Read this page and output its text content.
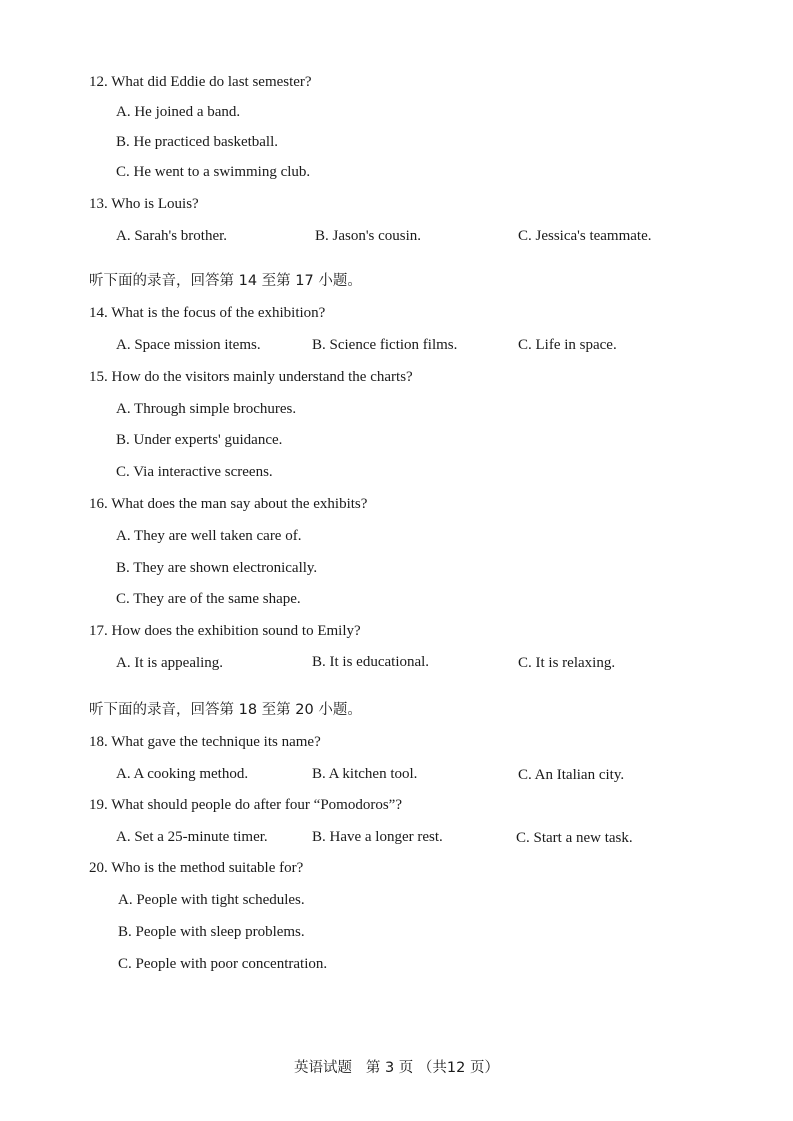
12. What did Eddie do last semester?
A. He joined a band.
B. He practiced basketball.
C. He went to a swimming club.
13. Who is Louis?
A. Sarah's brother.	B. Jason's cousin.	C. Jessica's teammate.
听下面的录音，回答第 14 至第 17 小题。
14. What is the focus of the exhibition?
A. Space mission items.	B. Science fiction films.	C. Life in space.
15. How do the visitors mainly understand the charts?
A. Through simple brochures.
B. Under experts' guidance.
C. Via interactive screens.
16. What does the man say about the exhibits?
A. They are well taken care of.
B. They are shown electronically.
C. They are of the same shape.
17. How does the exhibition sound to Emily?
A. It is appealing.	B. It is educational.	C. It is relaxing.
听下面的录音，回答第 18 至第 20 小题。
18. What gave the technique its name?
A. A cooking method.	B. A kitchen tool.	C. An Italian city.
19. What should people do after four “Pomodoros”?
A. Set a 25-minute timer.	B. Have a longer rest.	C. Start a new task.
20. Who is the method suitable for?
A. People with tight schedules.
B. People with sleep problems.
C. People with poor concentration.
英语试题 第 3 页 （共12 页）
